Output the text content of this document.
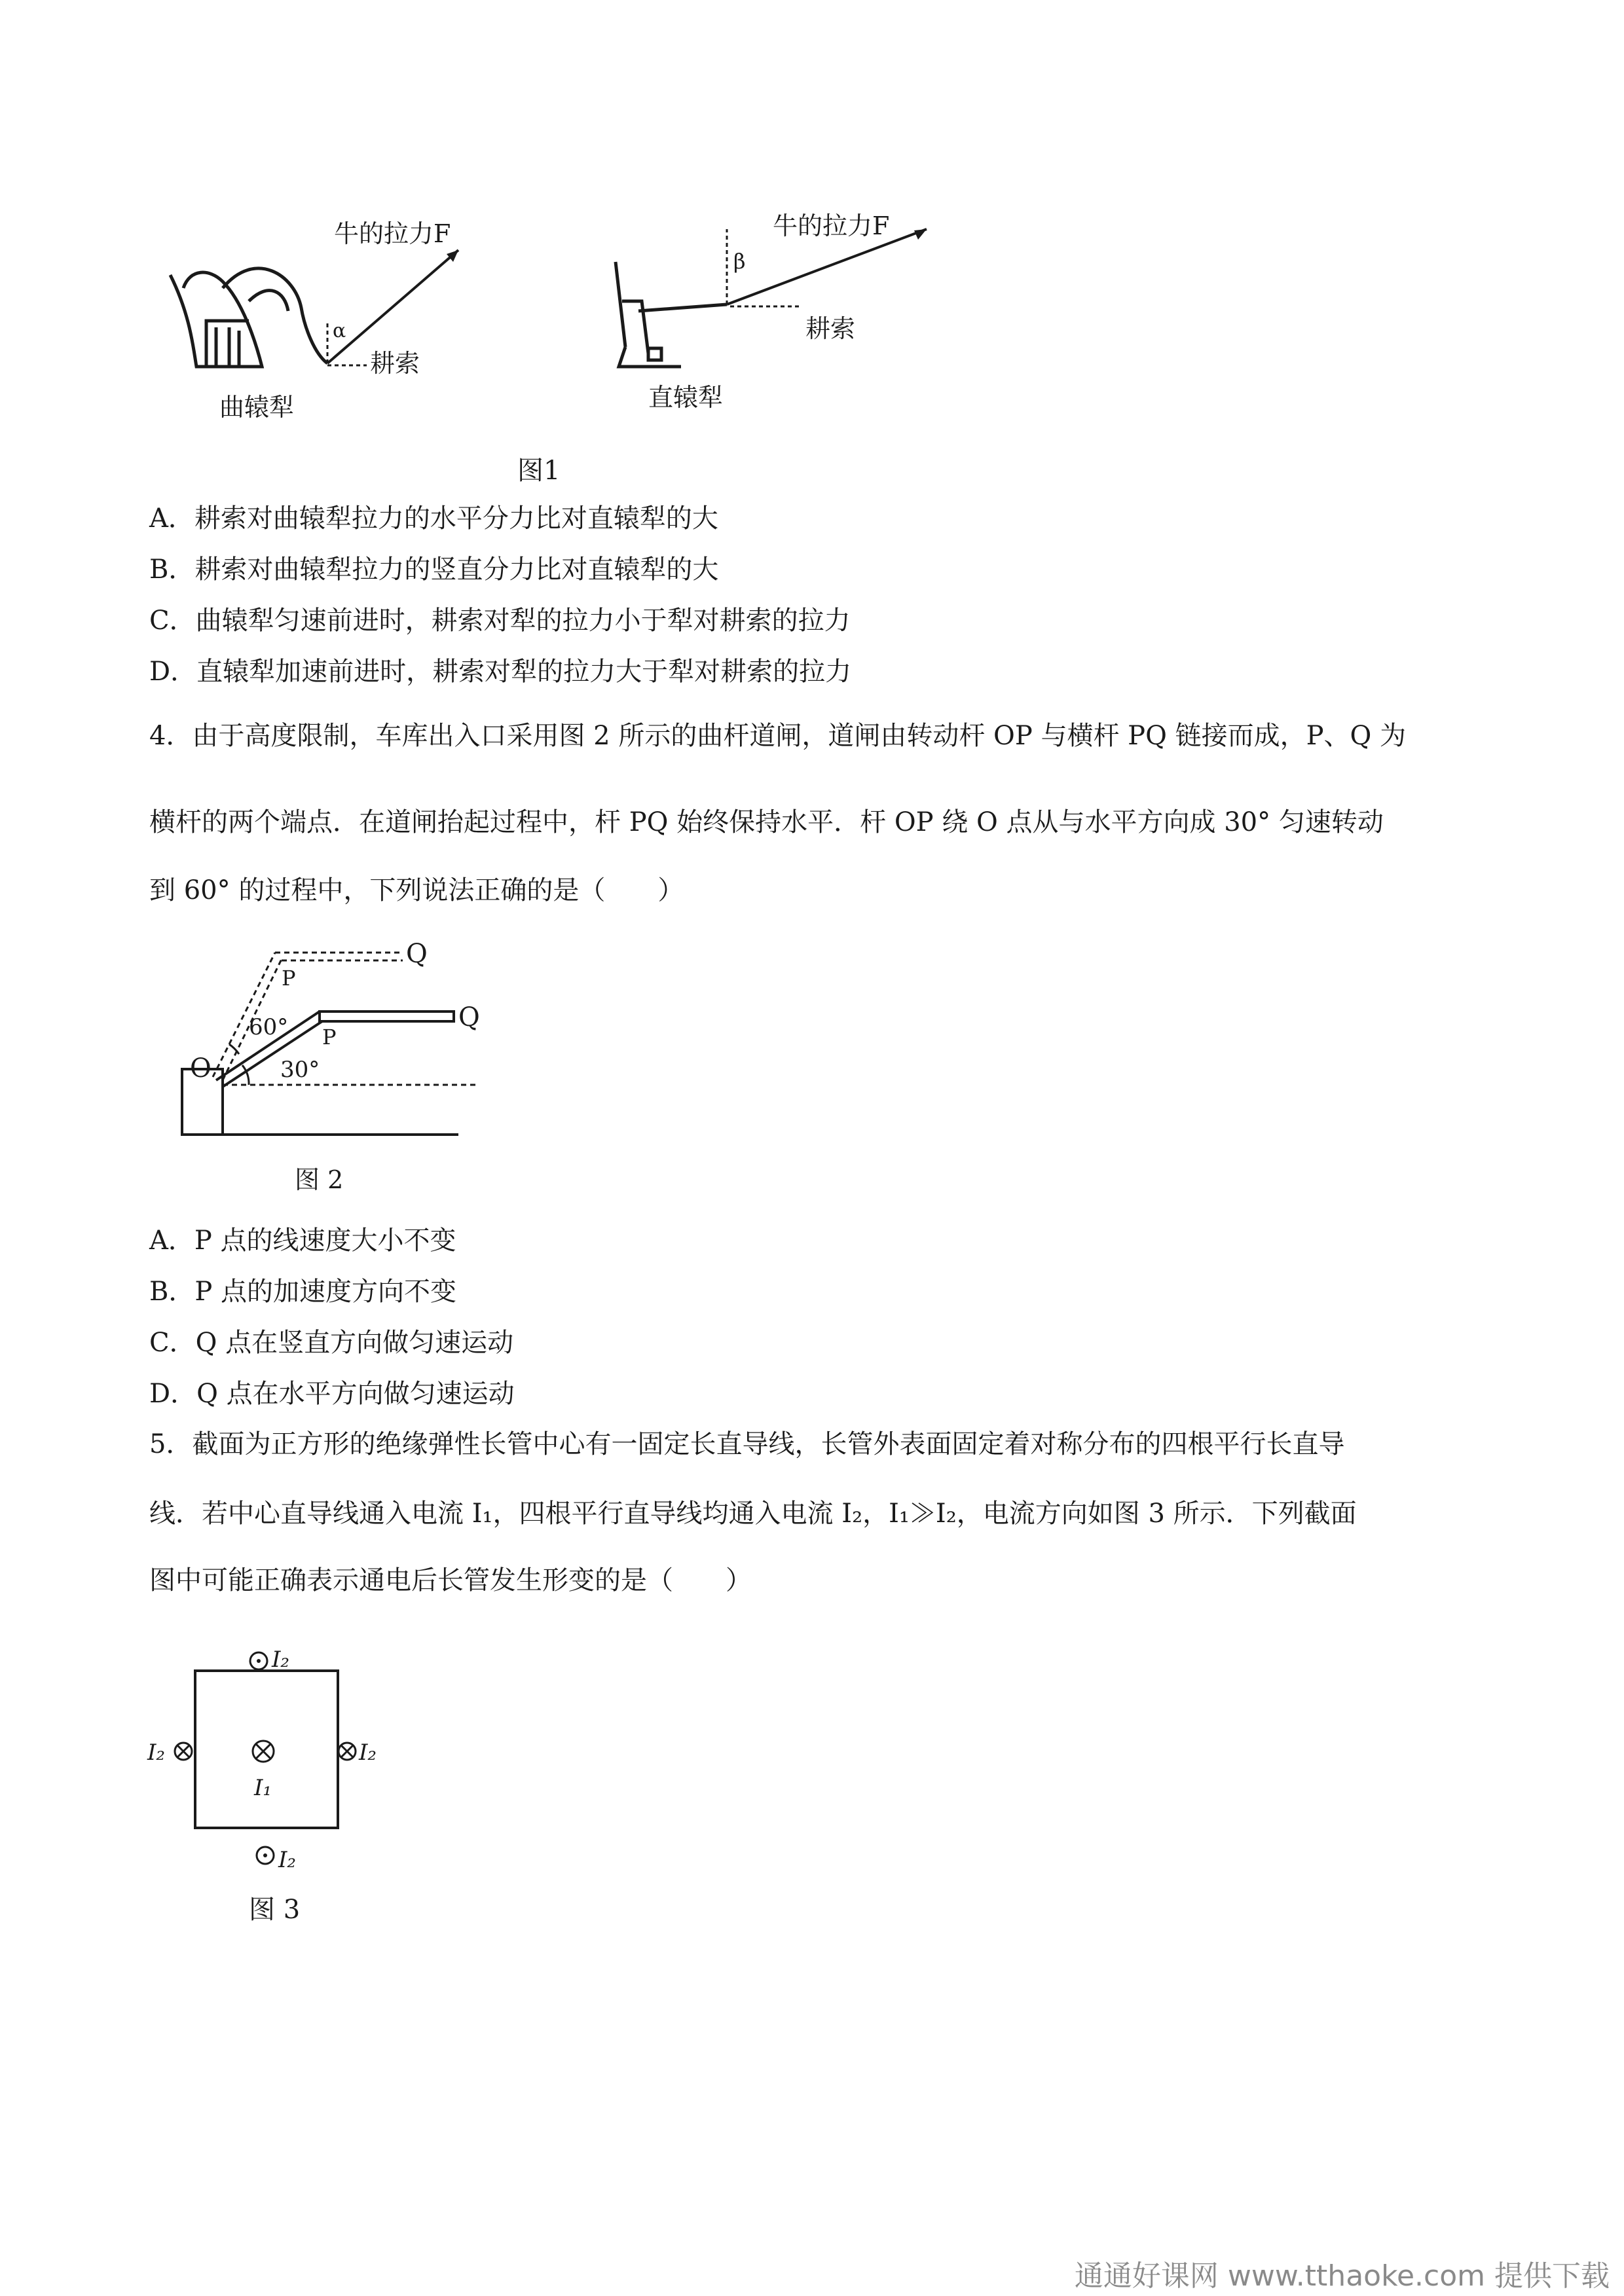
牛的拉力F
α
耕索
曲辕犁
牛的拉力F
β
耕索
直辕犁
图1
A．耕索对曲辕犁拉力的水平分力比对直辕犁的大
B．耕索对曲辕犁拉力的竖直分力比对直辕犁的大
C．曲辕犁匀速前进时，耕索对犁的拉力小于犁对耕索的拉力
D．直辕犁加速前进时，耕索对犁的拉力大于犁对耕索的拉力
4．由于高度限制，车库出入口采用图 2 所示的曲杆道闸，道闸由转动杆 OP 与横杆 PQ 链接而成，P、Q 为
横杆的两个端点．在道闸抬起过程中，杆 PQ 始终保持水平．杆 OP 绕 O 点从与水平方向成 30° 匀速转动
到 60° 的过程中，下列说法正确的是（　　）
O
P
Q
P
Q
60°
30°
图 2
A．P 点的线速度大小不变
B．P 点的加速度方向不变
C．Q 点在竖直方向做匀速运动
D．Q 点在水平方向做匀速运动
5．截面为正方形的绝缘弹性长管中心有一固定长直导线，长管外表面固定着对称分布的四根平行长直导
线．若中心直导线通入电流 I₁，四根平行直导线均通入电流 I₂，I₁≫I₂，电流方向如图 3 所示．下列截面
图中可能正确表示通电后长管发生形变的是（　　）
I₂
I₂
I₂	I₂
I₁
图 3
通通好课网 www.tthaoke.com 提供下载
